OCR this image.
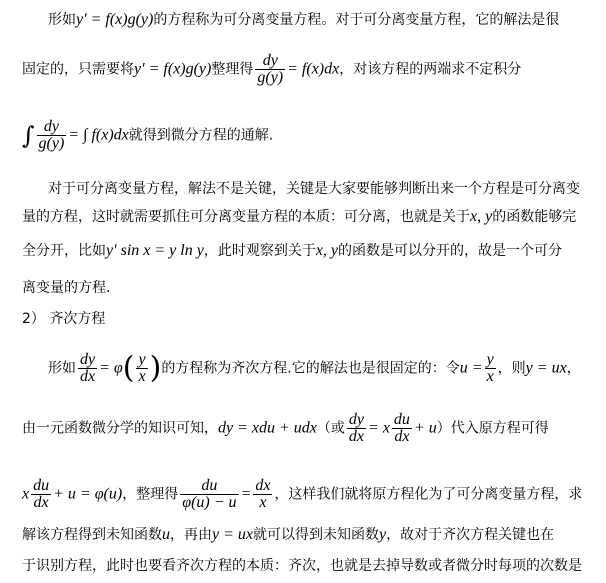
形如y′ = f(x)g(y)的方程称为可分离变量方程。对于可分离变量方程，它的解法是很
固定的，只需要将y′ = f(x)g(y)整理得 $\frac{dy}{g(y)} = f(x)dx$，对该方程的两端求不定积分
∫ $\frac{dy}{g(y)}$ = ∫ f(x)dx就得到微分方程的通解.
对于可分离变量方程，解法不是关键，关键是大家要能够判断出来一个方程是可分离变
量的方程，这时就需要抓住可分离变量方程的本质：可分离，也就是关于x, y的函数能够完
全分开，比如y′ sin x = y ln y，此时观察到关于x, y的函数是可以分开的，故是一个可分
离变量的方程.
2） 齐次方程
形如 $\frac{dy}{dx} = \varphi( \frac{y}{x}$ )的方程称为齐次方程.它的解法也是很固定的：令$u = \frac{y}{x}$ ，则y = ux，
由一元函数微分学的知识可知，dy = xdu + udx（或 $\frac{dy}{dx} = x \frac{du}{dx} + u$）代入原方程可得
x $\frac{du}{dx} + u = \varphi(u)$，整理得 $\frac{du}{\varphi(u) - u} = \frac{dx}{x}$ ，这样我们就将原方程化为了可分离变量方程，求
解该方程得到未知函数u，再由y = ux就可以得到未知函数y，故对于齐次方程关键也在
于识别方程，此时也要看齐次方程的本质：齐次，也就是去掉导数或者微分时每项的次数是
